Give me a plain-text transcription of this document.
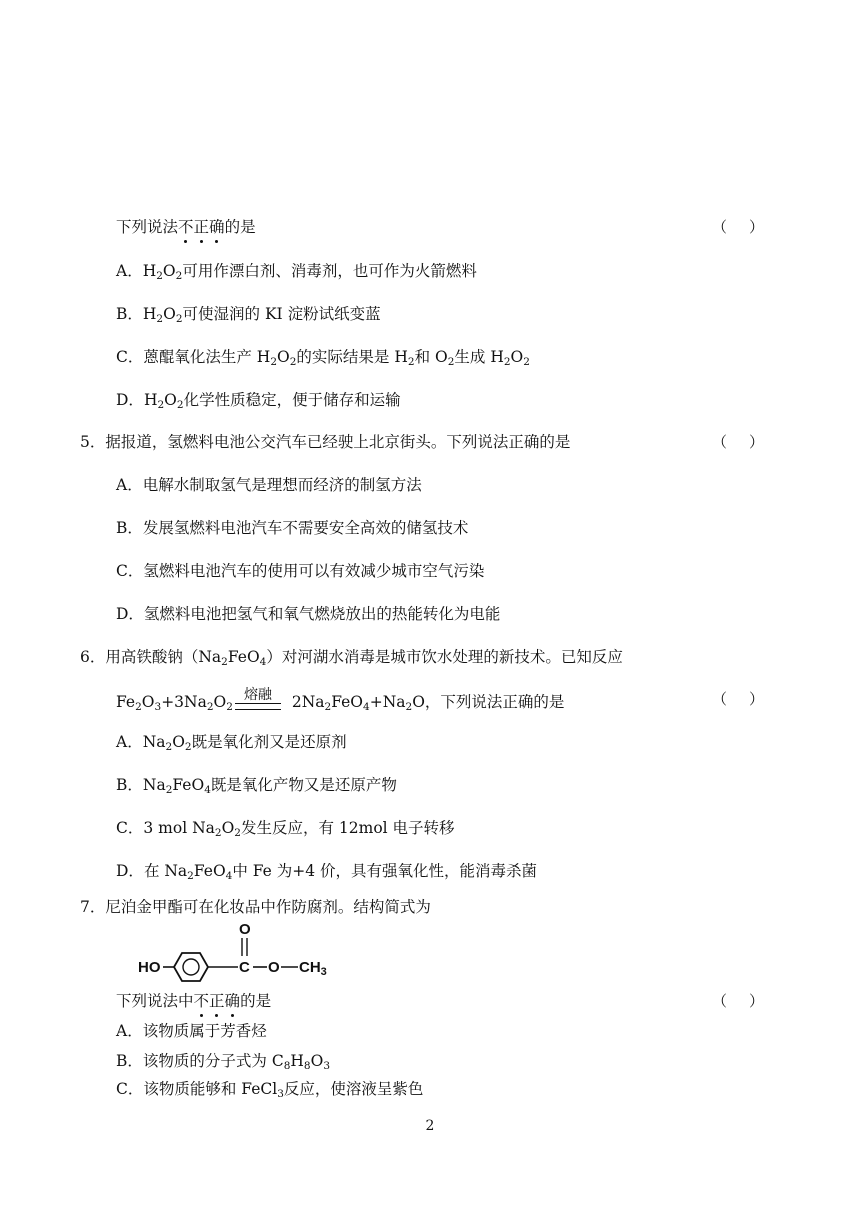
下列说法不正确的是	（ ）
A．$H_2O_2$可用作漂白剂、消毒剂，也可作为火箭燃料
B．$H_2O_2$可使湿润的 KI 淀粉试纸变蓝
C．蒽醌氧化法生产 $H_2O_2$的实际结果是 $H_2$和 $O_2$生成 $H_2O_2$
D．$H_2O_2$化学性质稳定，便于储存和运输
5．据报道，氢燃料电池公交汽车已经驶上北京街头。下列说法正确的是	（ ）
A．电解水制取氢气是理想而经济的制氢方法
B．发展氢燃料电池汽车不需要安全高效的储氢技术
C．氢燃料电池汽车的使用可以有效减少城市空气污染
D．氢燃料电池把氢气和氧气燃烧放出的热能转化为电能
6．用高铁酸钠$(Na_2FeO_4)$对河湖水消毒是城市饮水处理的新技术。已知反应
$Fe_2O_3+3Na_2O_2$
熔融 $2Na_2FeO_4+Na_2O$，下列说法正确的是	（ ）
A．$Na_2O_2$既是氧化剂又是还原剂
B．$Na_2FeO_4$既是氧化产物又是还原产物
C．3 mol $Na_2O_2$发生反应，有 12mol 电子转移
D．在 $Na_2FeO_4$中 Fe 为+4 价，具有强氧化性，能消毒杀菌
7．尼泊金甲酯可在化妆品中作防腐剂。结构简式为
HO
O
C O $CH_3$
下列说法中不正确的是	（ ）
A．该物质属于芳香烃
B．该物质的分子式为 $C_8H_8O_3$
C．该物质能够和 FeCl$_3$反应，使溶液呈紫色
2
